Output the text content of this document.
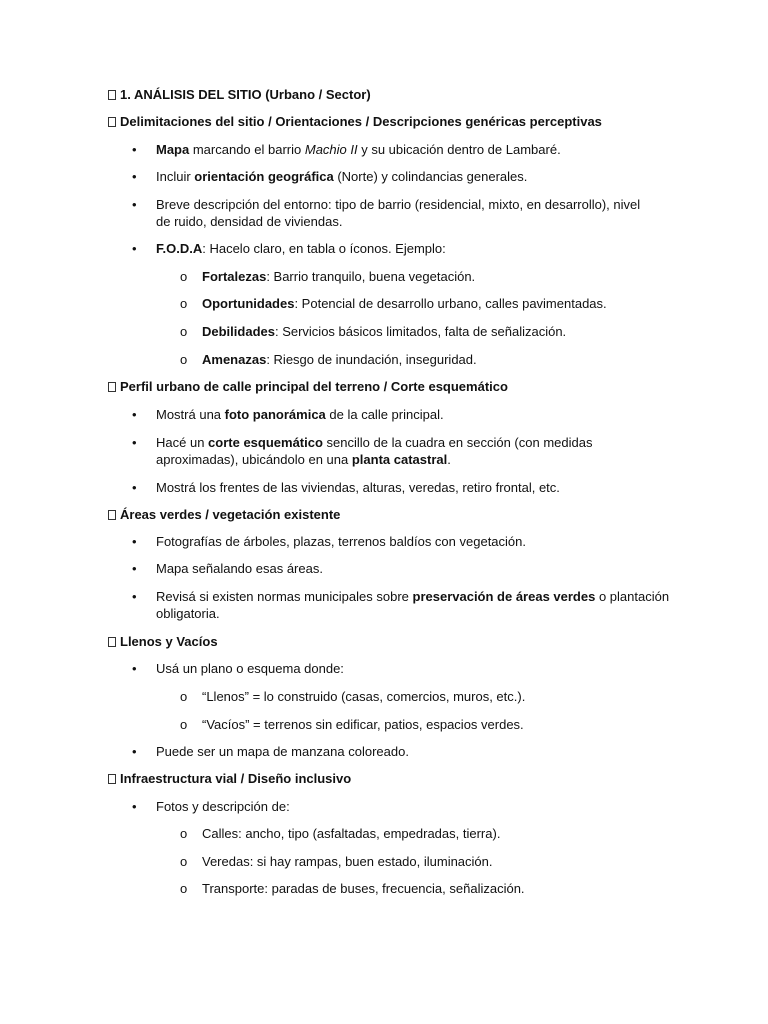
1. ANÁLISIS DEL SITIO (Urbano / Sector)
Delimitaciones del sitio / Orientaciones / Descripciones genéricas perceptivas
• Mapa marcando el barrio Machio II y su ubicación dentro de Lambaré.
• Incluir orientación geográfica (Norte) y colindancias generales.
• Breve descripción del entorno: tipo de barrio (residencial, mixto, en desarrollo), nivel
de ruido, densidad de viviendas.
• F.O.D.A: Hacelo claro, en tabla o íconos. Ejemplo:
o Fortalezas: Barrio tranquilo, buena vegetación.
o Oportunidades: Potencial de desarrollo urbano, calles pavimentadas.
o Debilidades: Servicios básicos limitados, falta de señalización.
o Amenazas: Riesgo de inundación, inseguridad.
Perfil urbano de calle principal del terreno / Corte esquemático
• Mostrá una foto panorámica de la calle principal.
• Hacé un corte esquemático sencillo de la cuadra en sección (con medidas
aproximadas), ubicándolo en una planta catastral.
• Mostrá los frentes de las viviendas, alturas, veredas, retiro frontal, etc.
Áreas verdes / vegetación existente
• Fotografías de árboles, plazas, terrenos baldíos con vegetación.
• Mapa señalando esas áreas.
• Revisá si existen normas municipales sobre preservación de áreas verdes o plantación
obligatoria.
Llenos y Vacíos
• Usá un plano o esquema donde:
o “Llenos” = lo construido (casas, comercios, muros, etc.).
o “Vacíos” = terrenos sin edificar, patios, espacios verdes.
• Puede ser un mapa de manzana coloreado.
Infraestructura vial / Diseño inclusivo
• Fotos y descripción de:
o Calles: ancho, tipo (asfaltadas, empedradas, tierra).
o Veredas: si hay rampas, buen estado, iluminación.
o Transporte: paradas de buses, frecuencia, señalización.
